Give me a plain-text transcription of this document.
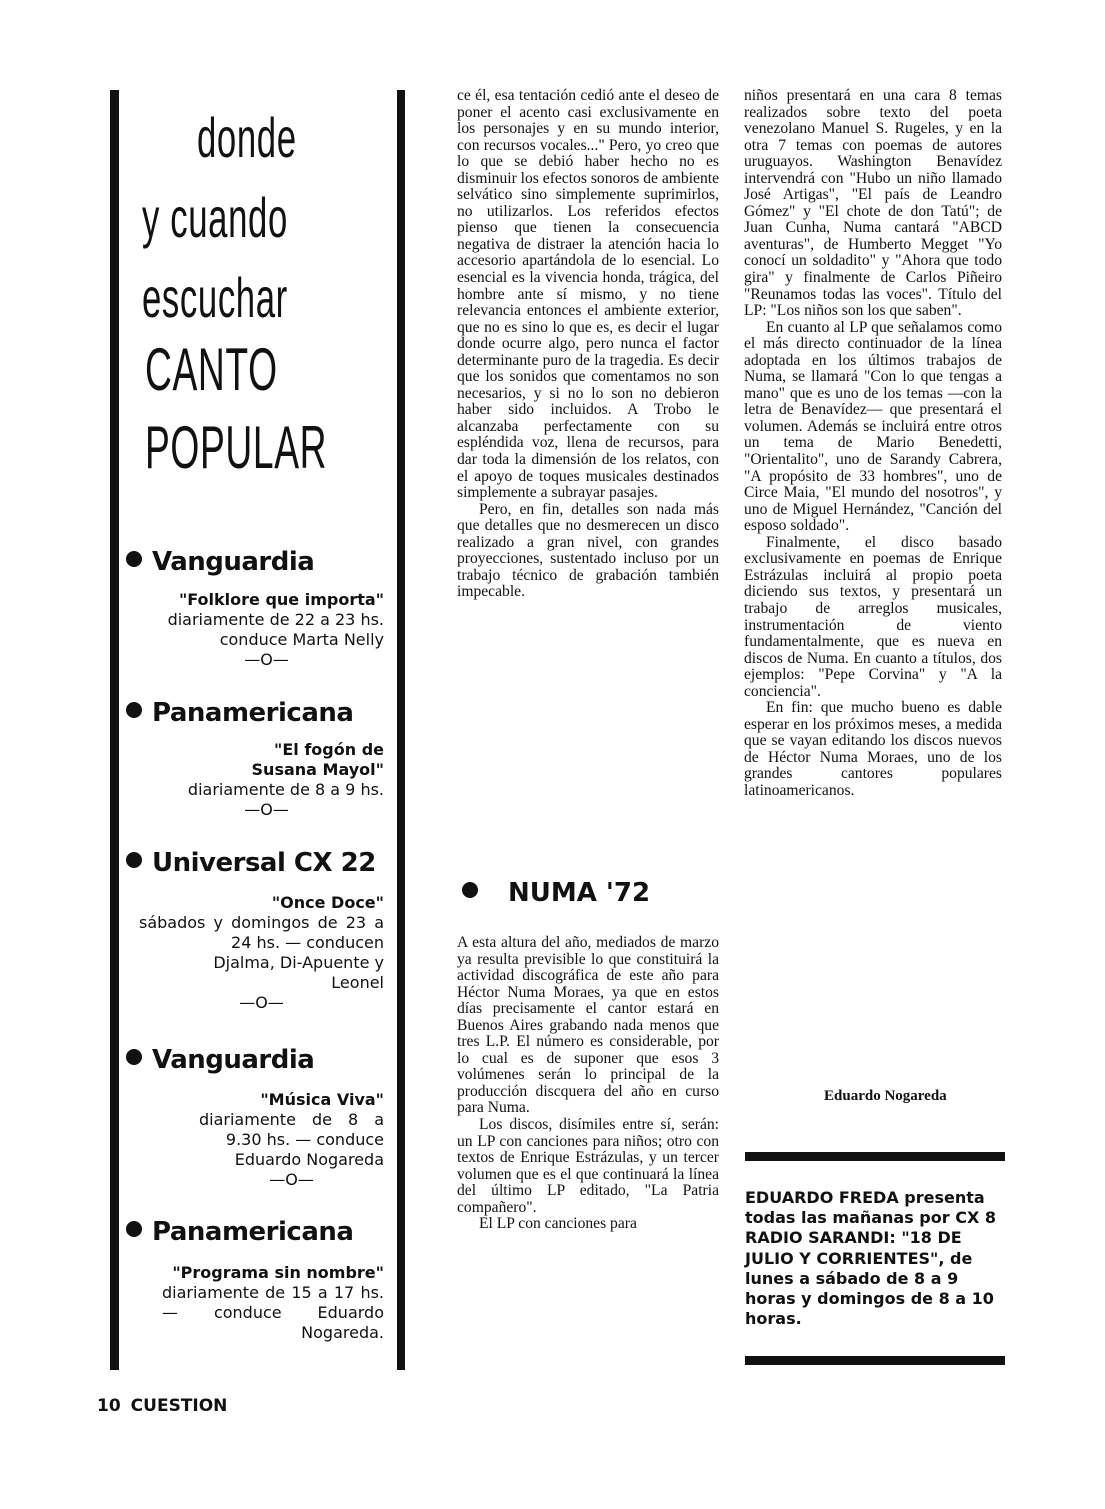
donde
y cuando
escuchar
CANTO
POPULAR
Vanguardia
"Folklore que importa"
diariamente de 22 a 23 hs.
conduce Marta Nelly
—O—
Panamericana
"El fogón de Susana Mayol"
diariamente de 8 a 9 hs.
—O—
Universal CX 22
"Once Doce"
sábados y domingos de 23 a 24 hs. — conducen
Djalma, Di-Apuente y Leonel
—O—
Vanguardia
"Música Viva"
diariamente de 8 a 9.30 hs. — conduce
Eduardo Nogareda
—O—
Panamericana
"Programa sin nombre"
diariamente de 15 a 17 hs. — conduce Eduardo
Nogareda.

ce él, esa tentación cedió ante el deseo de poner el acento casi exclusivamente en los personajes y en su mundo interior, con recursos vocales..." Pero, yo creo que lo que se debió haber hecho no es disminuir los efectos sonoros de ambiente selvático sino simplemente suprimirlos, no utilizarlos. Los referidos efectos pienso que tienen la consecuencia negativa de distraer la atención hacia lo accesorio apartándola de lo esencial. Lo esencial es la vivencia honda, trágica, del hombre ante sí mismo, y no tiene relevancia entonces el ambiente exterior, que no es sino lo que es, es decir el lugar donde ocurre algo, pero nunca el factor determinante puro de la tragedia. Es decir que los sonidos que comentamos no son necesarios, y si no lo son no debieron haber sido incluidos. A Trobo le alcanzaba perfectamente con su espléndida voz, llena de recursos, para dar toda la dimensión de los relatos, con el apoyo de toques musicales destinados simplemente a subrayar pasajes.

Pero, en fin, detalles son nada más que detalles que no desmerecen un disco realizado a gran nivel, con grandes proyecciones, sustentado incluso por un trabajo técnico de grabación también impecable.

NUMA '72

A esta altura del año, mediados de marzo ya resulta previsible lo que constituirá la actividad discográfica de este año para Héctor Numa Moraes, ya que en estos días precisamente el cantor estará en Buenos Aires grabando nada menos que tres L.P. El número es considerable, por lo cual es de suponer que esos 3 volúmenes serán lo principal de la producción discquera del año en curso para Numa.

Los discos, disímiles entre sí, serán: un LP con canciones para niños; otro con textos de Enrique Estrázulas, y un tercer volumen que es el que continuará la línea del último LP editado, "La Patria compañero".

El LP con canciones para

niños presentará en una cara 8 temas realizados sobre texto del poeta venezolano Manuel S. Rugeles, y en la otra 7 temas con poemas de autores uruguayos. Washington Benavídez intervendrá con "Hubo un niño llamado José Artigas", "El país de Leandro Gómez" y "El chote de don Tatú"; de Juan Cunha, Numa cantará "ABCD aventuras", de Humberto Megget "Yo conocí un soldadito" y "Ahora que todo gira" y finalmente de Carlos Piñeiro "Reunamos todas las voces". Título del LP: "Los niños son los que saben".

En cuanto al LP que señalamos como el más directo continuador de la línea adoptada en los últimos trabajos de Numa, se llamará "Con lo que tengas a mano" que es uno de los temas —con la letra de Benavídez— que presentará el volumen. Además se incluirá entre otros un tema de Mario Benedetti, "Orientalito", uno de Sarandy Cabrera, "A propósito de 33 hombres", uno de Circe Maia, "El mundo del nosotros", y uno de Miguel Hernández, "Canción del esposo soldado".

Finalmente, el disco basado exclusivamente en poemas de Enrique Estrázulas incluirá al propio poeta diciendo sus textos, y presentará un trabajo de arreglos musicales, instrumentación de viento fundamentalmente, que es nueva en discos de Numa. En cuanto a títulos, dos ejemplos: "Pepe Corvina" y "A la conciencia".

En fin: que mucho bueno es dable esperar en los próximos meses, a medida que se vayan editando los discos nuevos de Héctor Numa Moraes, uno de los grandes cantores populares latinoamericanos.

Eduardo Nogareda
EDUARDO FREDA presenta todas las mañanas por CX 8 RADIO SARANDI: "18 DE JULIO Y CORRIENTES", de lunes a sábado de 8 a 9 horas y domingos de 8 a 10 horas.
10 CUESTION
